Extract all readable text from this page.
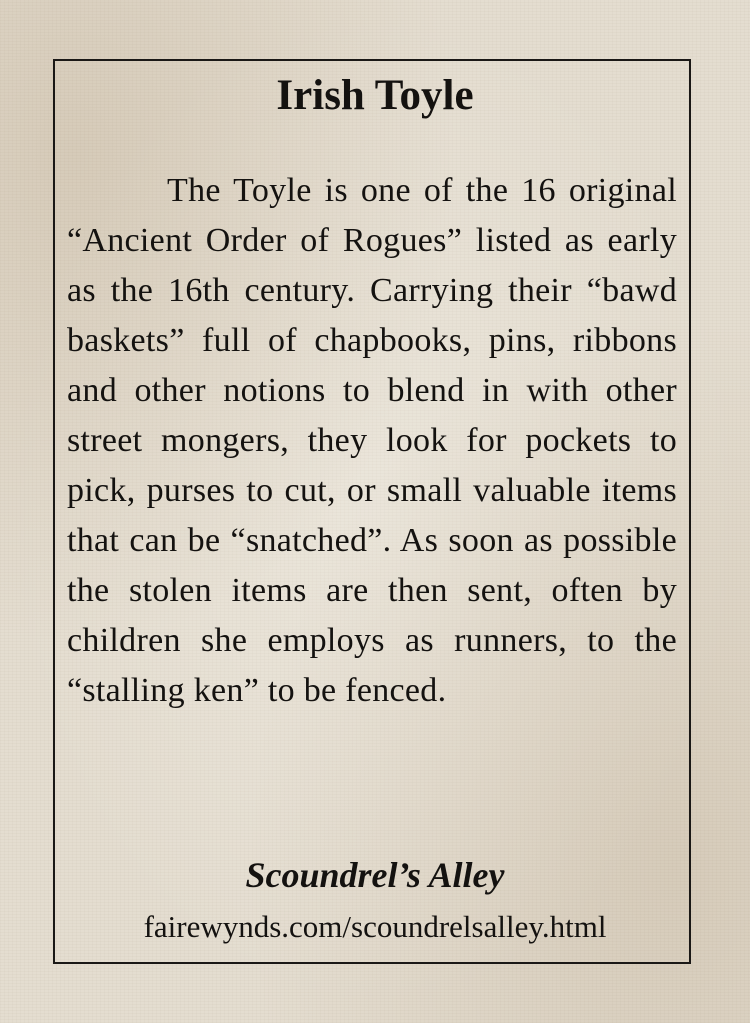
Irish Toyle

The Toyle is one of the 16 original “Ancient Order of Rogues” listed as early as the 16th century. Carrying their “bawd baskets” full of chapbooks, pins, ribbons and other notions to blend in with other street mongers, they look for pockets to pick, purses to cut, or small valuable items that can be “snatched”. As soon as possible the stolen items are then sent, often by children she employs as runners, to the “stalling ken” to be fenced.

Scoundrel’s Alley
fairewynds.com/scoundrelsalley.html
